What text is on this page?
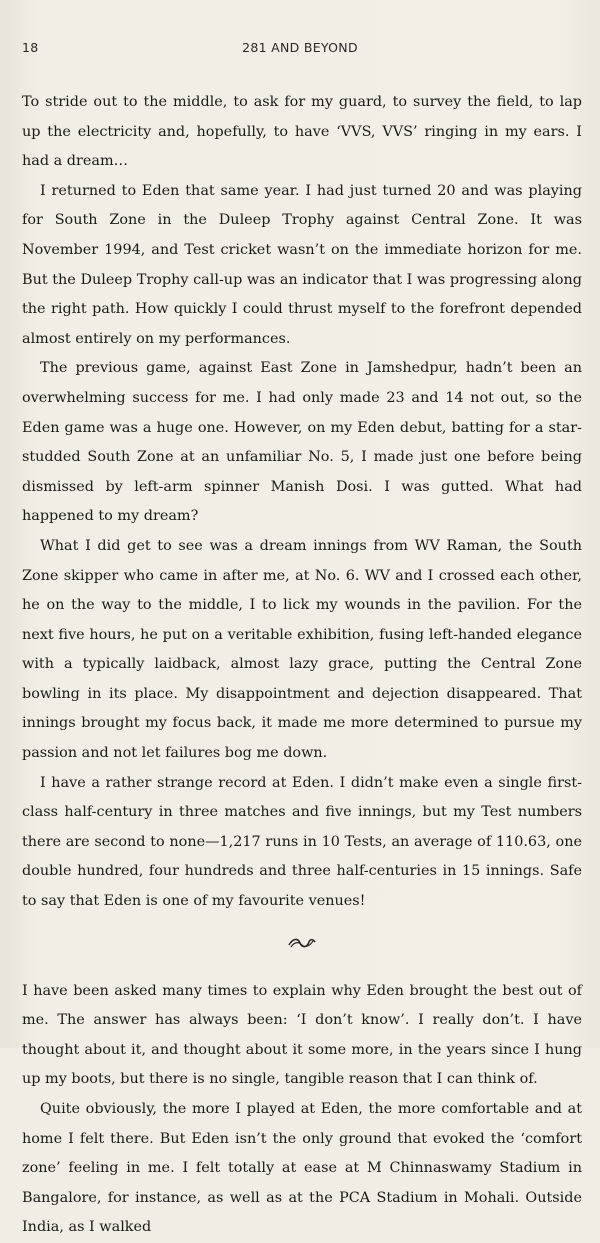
18	281 AND BEYOND

To stride out to the middle, to ask for my guard, to survey the field, to lap up the electricity and, hopefully, to have ‘VVS, VVS’ ringing in my ears. I had a dream…

I returned to Eden that same year. I had just turned 20 and was playing for South Zone in the Duleep Trophy against Central Zone. It was November 1994, and Test cricket wasn’t on the immediate horizon for me. But the Duleep Trophy call-up was an indicator that I was progressing along the right path. How quickly I could thrust myself to the forefront depended almost entirely on my performances.

The previous game, against East Zone in Jamshedpur, hadn’t been an overwhelming success for me. I had only made 23 and 14 not out, so the Eden game was a huge one. However, on my Eden debut, batting for a star-studded South Zone at an unfamiliar No. 5, I made just one before being dismissed by left-arm spinner Manish Dosi. I was gutted. What had happened to my dream?

What I did get to see was a dream innings from WV Raman, the South Zone skipper who came in after me, at No. 6. WV and I crossed each other, he on the way to the middle, I to lick my wounds in the pavilion. For the next five hours, he put on a veritable exhibition, fusing left-handed elegance with a typically laidback, almost lazy grace, putting the Central Zone bowling in its place. My disappointment and dejection disappeared. That innings brought my focus back, it made me more determined to pursue my passion and not let failures bog me down.

I have a rather strange record at Eden. I didn’t make even a single first-class half-century in three matches and five innings, but my Test numbers there are second to none—1,217 runs in 10 Tests, an average of 110.63, one double hundred, four hundreds and three half-centuries in 15 innings. Safe to say that Eden is one of my favourite venues!

I have been asked many times to explain why Eden brought the best out of me. The answer has always been: ‘I don’t know’. I really don’t. I have thought about it, and thought about it some more, in the years since I hung up my boots, but there is no single, tangible reason that I can think of.

Quite obviously, the more I played at Eden, the more comfortable and at home I felt there. But Eden isn’t the only ground that evoked the ‘comfort zone’ feeling in me. I felt totally at ease at M Chinnaswamy Stadium in Bangalore, for instance, as well as at the PCA Stadium in Mohali. Outside India, as I walked
